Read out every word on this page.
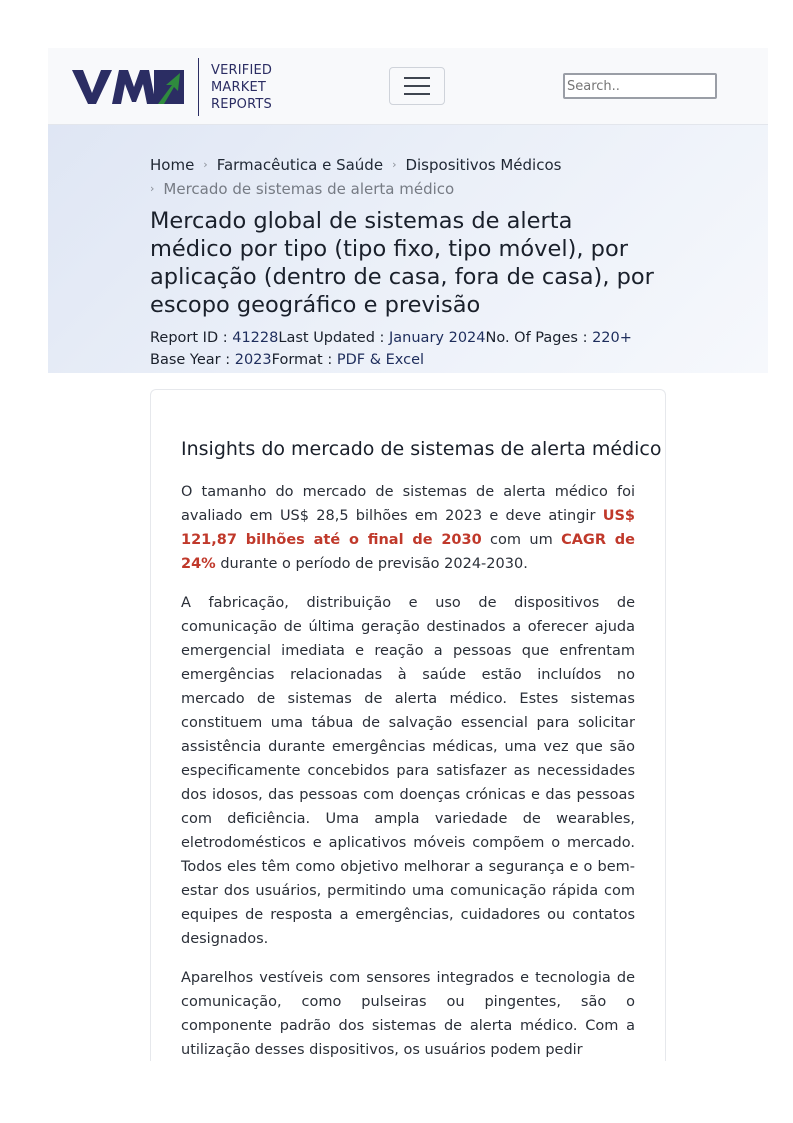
VERIFIED
MARKET
REPORTS
Search..
Home › Farmacêutica e Saúde › Dispositivos Médicos
› Mercado de sistemas de alerta médico
Mercado global de sistemas de alerta médico por tipo (tipo fixo, tipo móvel), por aplicação (dentro de casa, fora de casa), por escopo geográfico e previsão
Report ID : 41228Last Updated : January 2024No. Of Pages : 220+
Base Year : 2023Format : PDF & Excel
Insights do mercado de sistemas de alerta médico

O tamanho do mercado de sistemas de alerta médico foi avaliado em US$ 28,5 bilhões em 2023 e deve atingir US$ 121,87 bilhões até o final de 2030 com um CAGR de 24% durante o período de previsão 2024-2030.

A fabricação, distribuição e uso de dispositivos de comunicação de última geração destinados a oferecer ajuda emergencial imediata e reação a pessoas que enfrentam emergências relacionadas à saúde estão incluídos no mercado de sistemas de alerta médico. Estes sistemas constituem uma tábua de salvação essencial para solicitar assistência durante emergências médicas, uma vez que são especificamente concebidos para satisfazer as necessidades dos idosos, das pessoas com doenças crónicas e das pessoas com deficiência. Uma ampla variedade de wearables, eletrodomésticos e aplicativos móveis compõem o mercado. Todos eles têm como objetivo melhorar a segurança e o bem-estar dos usuários, permitindo uma comunicação rápida com equipes de resposta a emergências, cuidadores ou contatos designados.

Aparelhos vestíveis com sensores integrados e tecnologia de comunicação, como pulseiras ou pingentes, são o componente padrão dos sistemas de alerta médico. Com a utilização desses dispositivos, os usuários podem pedir
